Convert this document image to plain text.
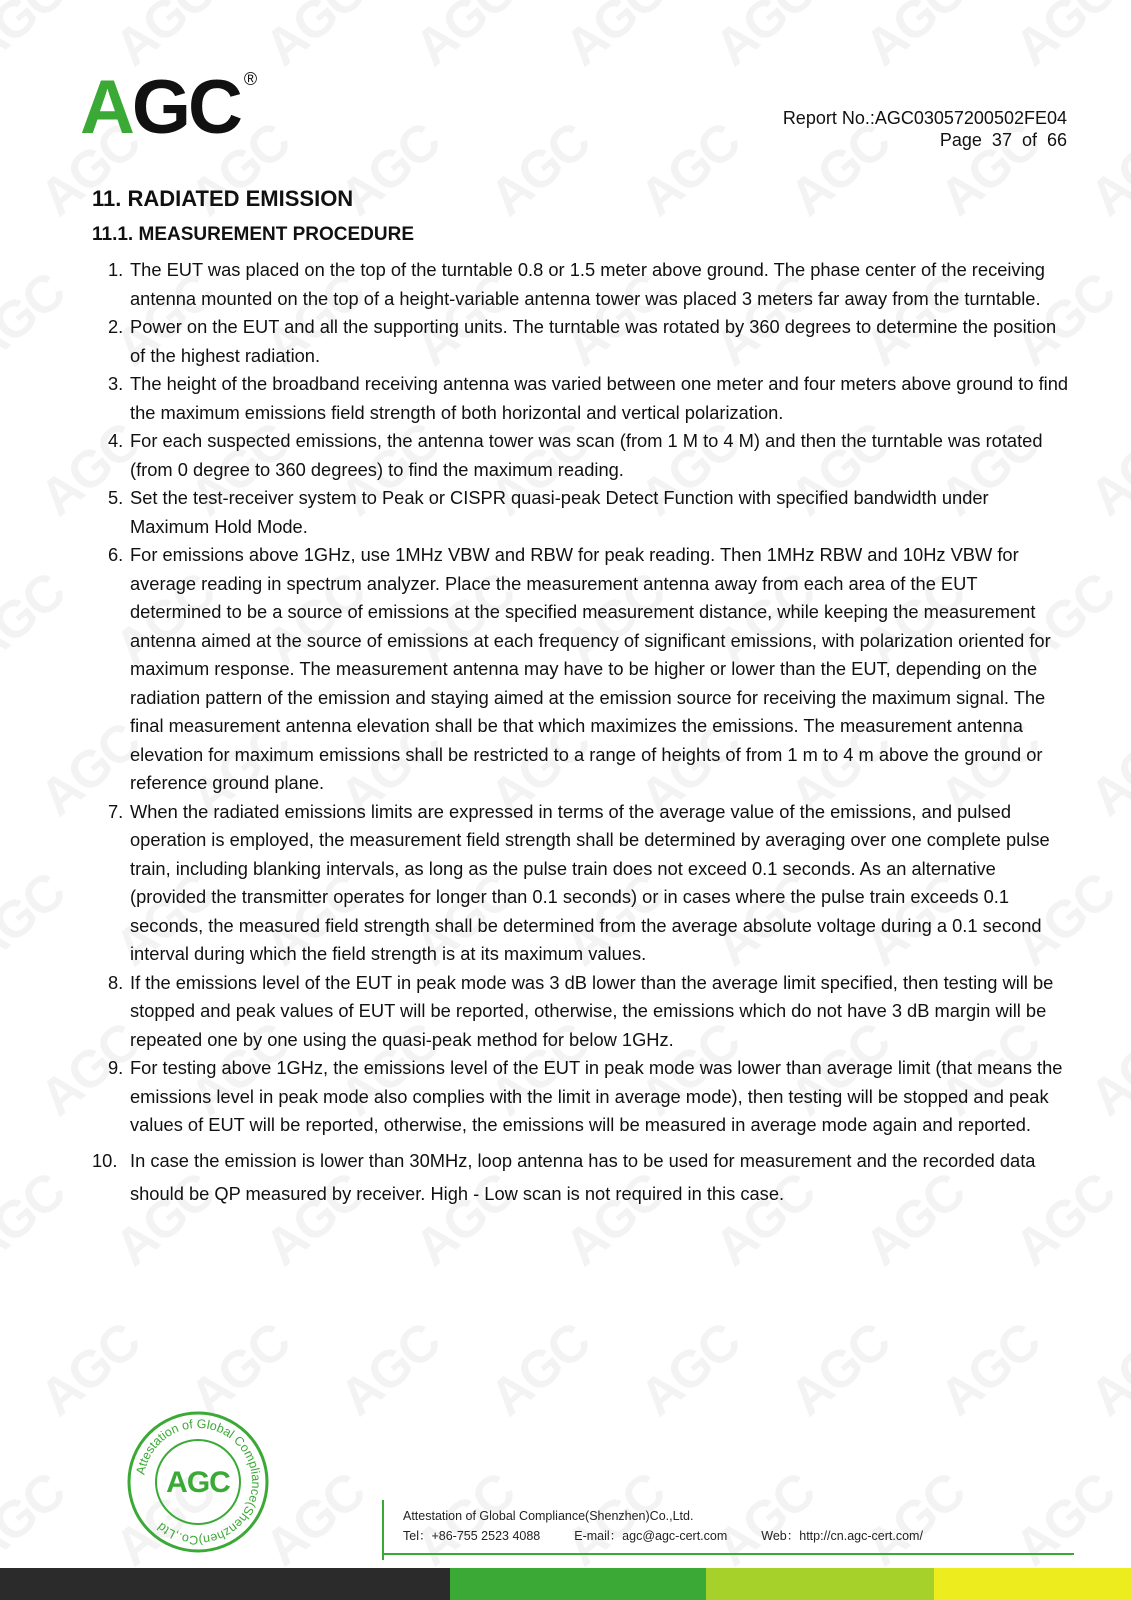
A GC ®
Report No.:AGC03057200502FE04
Page  37  of  66
11. RADIATED EMISSION
11.1. MEASUREMENT PROCEDURE
1. The EUT was placed on the top of the turntable 0.8 or 1.5 meter above ground. The phase center of the receiving antenna mounted on the top of a height-variable antenna tower was placed 3 meters far away from the turntable.
2. Power on the EUT and all the supporting units. The turntable was rotated by 360 degrees to determine the position of the highest radiation.
3. The height of the broadband receiving antenna was varied between one meter and four meters above ground to find the maximum emissions field strength of both horizontal and vertical polarization.
4. For each suspected emissions, the antenna tower was scan (from 1 M to 4 M) and then the turntable was rotated (from 0 degree to 360 degrees) to find the maximum reading.
5. Set the test-receiver system to Peak or CISPR quasi-peak Detect Function with specified bandwidth under Maximum Hold Mode.
6. For emissions above 1GHz, use 1MHz VBW and RBW for peak reading. Then 1MHz RBW and 10Hz VBW for average reading in spectrum analyzer. Place the measurement antenna away from each area of the EUT determined to be a source of emissions at the specified measurement distance, while keeping the measurement antenna aimed at the source of emissions at each frequency of significant emissions, with polarization oriented for maximum response. The measurement antenna may have to be higher or lower than the EUT, depending on the radiation pattern of the emission and staying aimed at the emission source for receiving the maximum signal. The final measurement antenna elevation shall be that which maximizes the emissions. The measurement antenna elevation for maximum emissions shall be restricted to a range of heights of from 1 m to 4 m above the ground or reference ground plane.
7. When the radiated emissions limits are expressed in terms of the average value of the emissions, and pulsed operation is employed, the measurement field strength shall be determined by averaging over one complete pulse train, including blanking intervals, as long as the pulse train does not exceed 0.1 seconds. As an alternative (provided the transmitter operates for longer than 0.1 seconds) or in cases where the pulse train exceeds 0.1 seconds, the measured field strength shall be determined from the average absolute voltage during a 0.1 second interval during which the field strength is at its maximum values.
8. If the emissions level of the EUT in peak mode was 3 dB lower than the average limit specified, then testing will be stopped and peak values of EUT will be reported, otherwise, the emissions which do not have 3 dB margin will be repeated one by one using the quasi-peak method for below 1GHz.
9. For testing above 1GHz, the emissions level of the EUT in peak mode was lower than average limit (that means the emissions level in peak mode also complies with the limit in average mode), then testing will be stopped and peak values of EUT will be reported, otherwise, the emissions will be measured in average mode again and reported.
10. In case the emission is lower than 30MHz, loop antenna has to be used for measurement and the recorded data should be QP measured by receiver. High - Low scan is not required in this case.
Attestation of Global Compliance(Shenzhen)Co.,Ltd
AGC
Attestation of Global Compliance(Shenzhen)Co.,Ltd.
Tel：+86-755 2523 4088	E-mail：agc@agc-cert.com	Web：http://cn.agc-cert.com/
